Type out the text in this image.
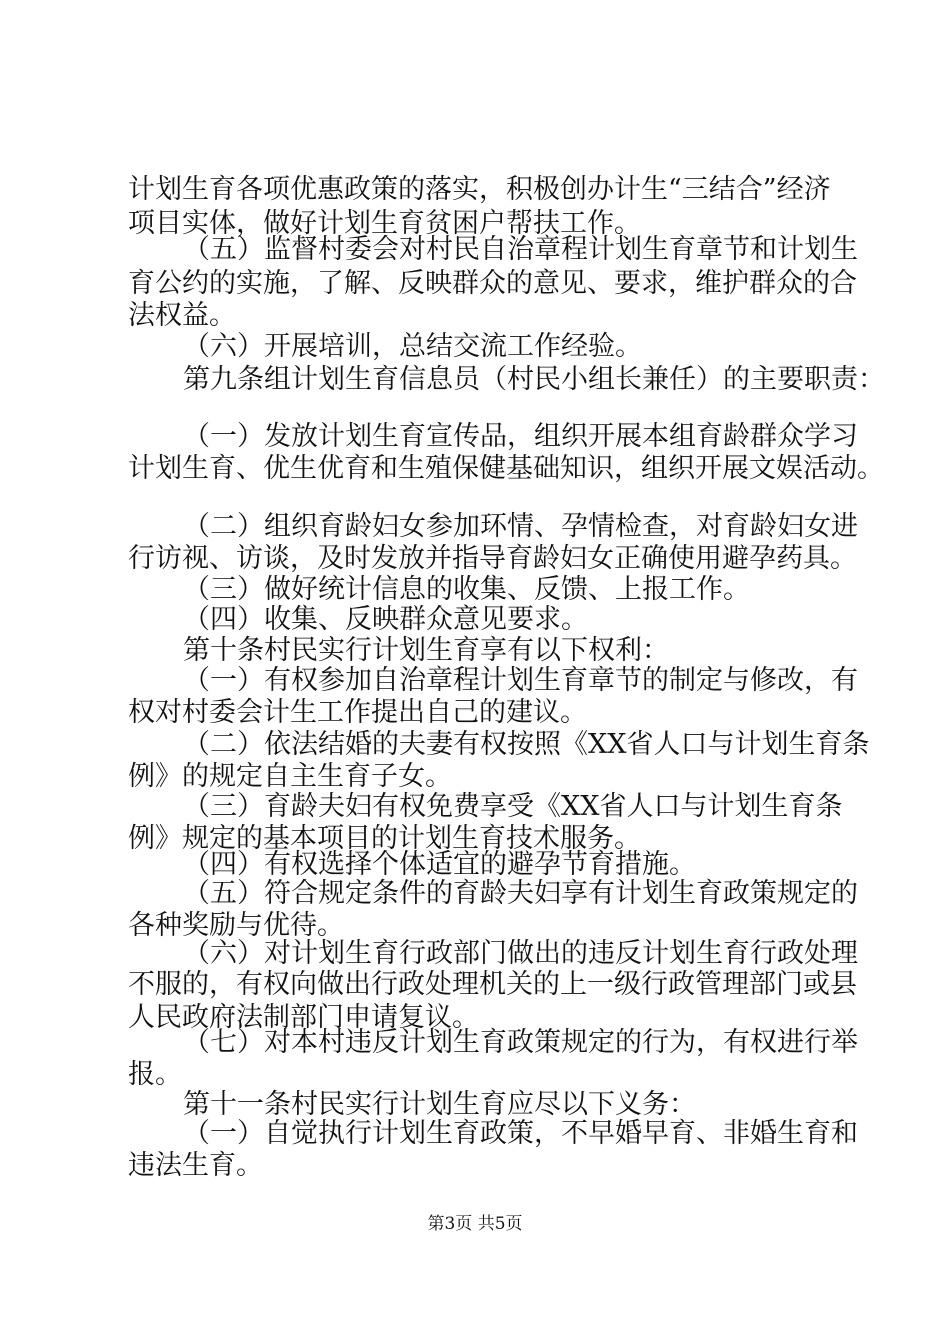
计划生育各项优惠政策的落实，积极创办计生“三结合”经济
项目实体，做好计划生育贫困户帮扶工作。
（五）监督村委会对村民自治章程计划生育章节和计划生
育公约的实施，了解、反映群众的意见、要求，维护群众的合
法权益。
（六）开展培训，总结交流工作经验。
第九条组计划生育信息员（村民小组长兼任）的主要职责：
（一）发放计划生育宣传品，组织开展本组育龄群众学习
计划生育、优生优育和生殖保健基础知识，组织开展文娱活动。
（二）组织育龄妇女参加环情、孕情检查，对育龄妇女进
行访视、访谈，及时发放并指导育龄妇女正确使用避孕药具。
（三）做好统计信息的收集、反馈、上报工作。
（四）收集、反映群众意见要求。
第十条村民实行计划生育享有以下权利：
（一）有权参加自治章程计划生育章节的制定与修改，有
权对村委会计生工作提出自己的建议。
（二）依法结婚的夫妻有权按照《XX省人口与计划生育条
例》的规定自主生育子女。
（三）育龄夫妇有权免费享受《XX省人口与计划生育条
例》规定的基本项目的计划生育技术服务。
（四）有权选择个体适宜的避孕节育措施。
（五）符合规定条件的育龄夫妇享有计划生育政策规定的
各种奖励与优待。
（六）对计划生育行政部门做出的违反计划生育行政处理
不服的，有权向做出行政处理机关的上一级行政管理部门或县
人民政府法制部门申请复议。
（七）对本村违反计划生育政策规定的行为，有权进行举
报。
第十一条村民实行计划生育应尽以下义务：
（一）自觉执行计划生育政策，不早婚早育、非婚生育和
违法生育。
第3页 共5页
